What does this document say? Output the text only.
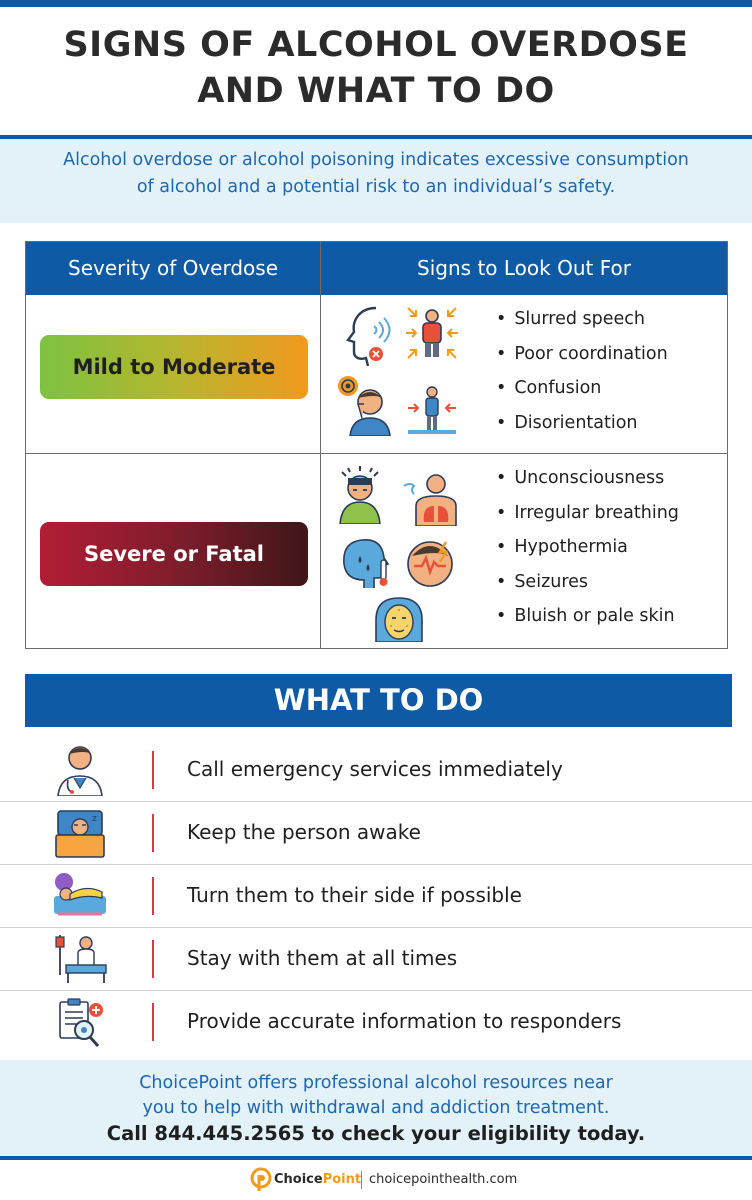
SIGNS OF ALCOHOL OVERDOSE
AND WHAT TO DO
Alcohol overdose or alcohol poisoning indicates excessive consumption
of alcohol and a potential risk to an individual’s safety.
Severity of Overdose	Signs to Look Out For
Mild to Moderate
Severe or Fatal
• Slurred speech
• Poor coordination
• Confusion
• Disorientation
• Unconsciousness
• Irregular breathing
• Hypothermia
• Seizures
• Bluish or pale skin
WHAT TO DO
Call emergency services immediately
z
Keep the person awake
Turn them to their side if possible
Stay with them at all times
Provide accurate information to responders
ChoicePoint offers professional alcohol resources near
you to help with withdrawal and addiction treatment.
Call 844.445.2565 to check your eligibility today.
ChoicePoint choicepointhealth.com
